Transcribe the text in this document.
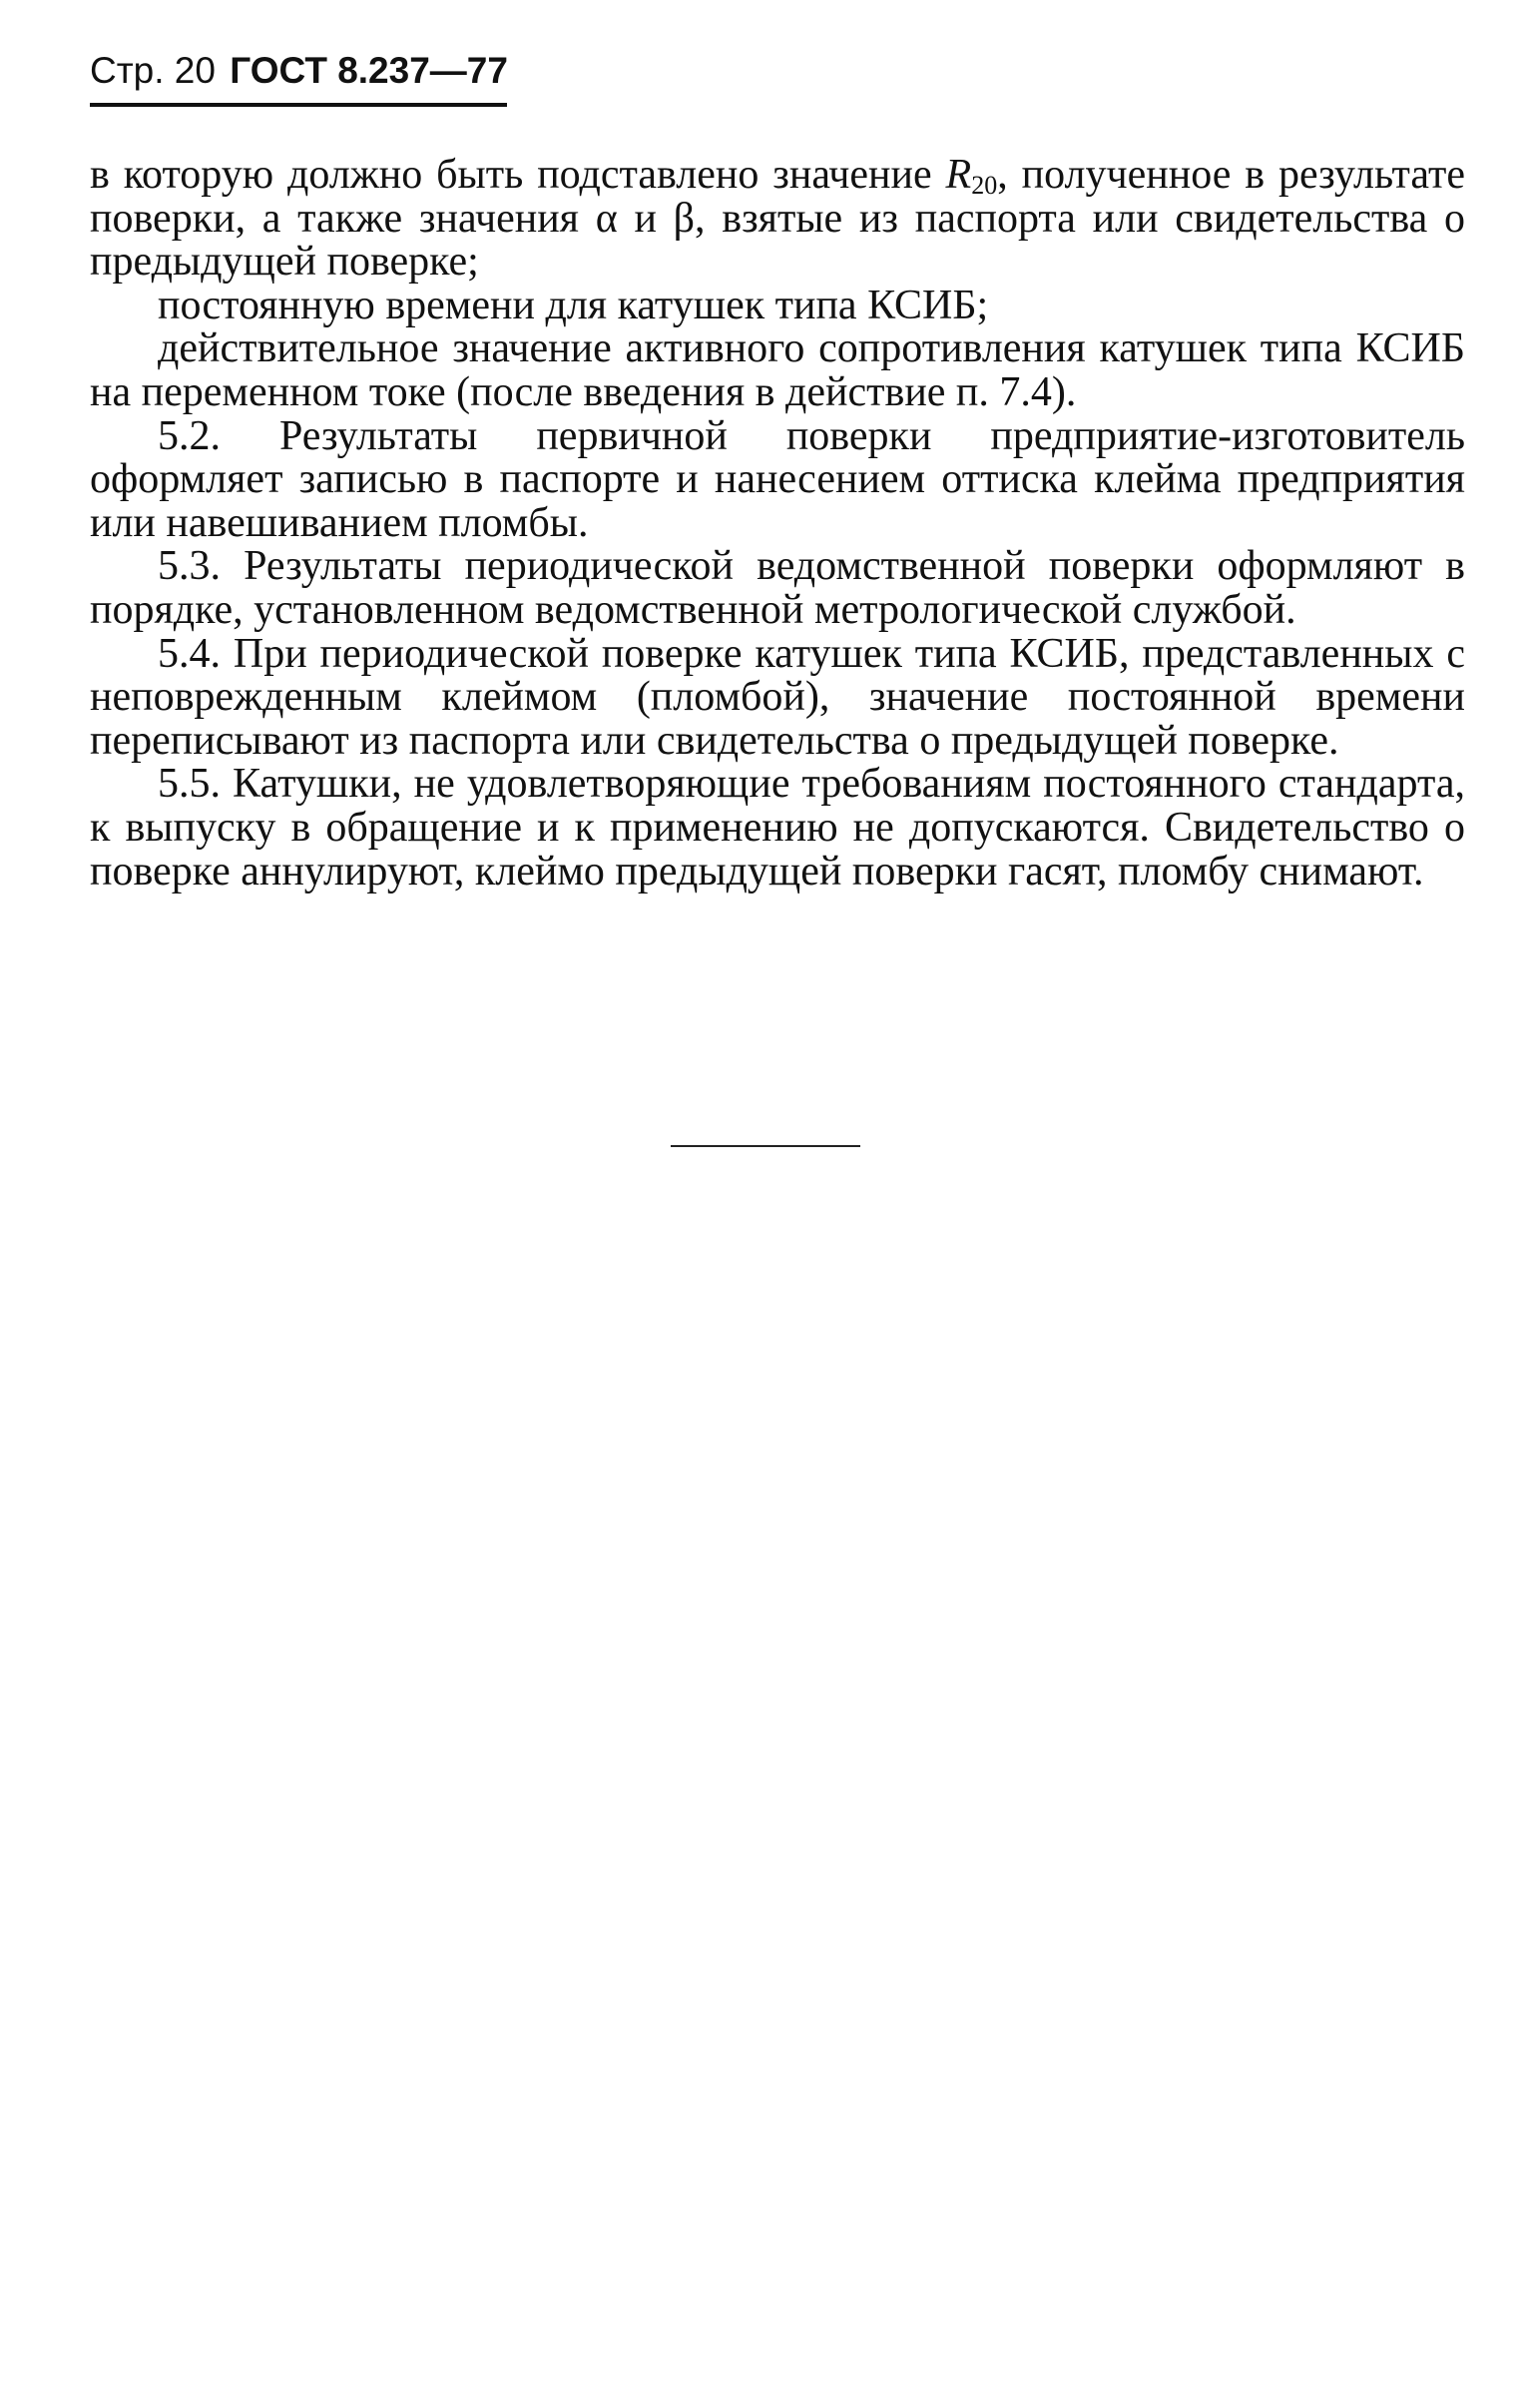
Стр. 20 ГОСТ 8.237—77

в которую должно быть подставлено значение $R_{20}$, полученное в результате поверки, а также значения α и β, взятые из паспорта или свидетельства о предыдущей поверке;

постоянную времени для катушек типа КСИБ;

действительное значение активного сопротивления катушек типа КСИБ на переменном токе (после введения в действие п. 7.4).

5.2. Результаты первичной поверки предприятие-изготовитель оформляет записью в паспорте и нанесением оттиска клейма предприятия или навешиванием пломбы.

5.3. Результаты периодической ведомственной поверки оформляют в порядке, установленном ведомственной метрологической службой.

5.4. При периодической поверке катушек типа КСИБ, представленных с неповрежденным клеймом (пломбой), значение постоянной времени переписывают из паспорта или свидетельства о предыдущей поверке.

5.5. Катушки, не удовлетворяющие требованиям постоянного стандарта, к выпуску в обращение и к применению не допускаются. Свидетельство о поверке аннулируют, клеймо предыдущей поверки гасят, пломбу снимают.
